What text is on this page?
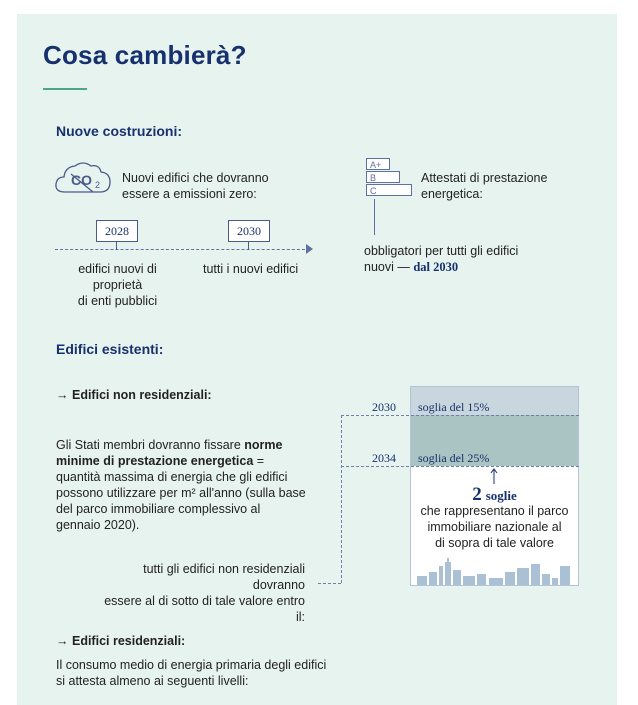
Cosa cambierà?
Nuove costruzioni:
CO 2 Nuovi edifici che dovranno
essere a emissioni zero:
2028	2030
edifici nuovi di proprietà
di enti pubblici
tutti i nuovi edifici
A+
B
C
Attestati di prestazione
energetica:
obbligatori per tutti gli edifici
nuovi — dal 2030
Edifici esistenti:
→ Edifici non residenziali:
Gli Stati membri dovranno fissare norme minime di prestazione energetica = quantità massima di energia che gli edifici possono utilizzare per m² all'anno (sulla base del parco immobiliare complessivo al gennaio 2020).
tutti gli edifici non residenziali dovranno
essere al di sotto di tale valore entro il:
2030 soglia del 15%
2034 soglia del 25%
2 soglie
che rappresentano il parco
immobiliare nazionale al
di sopra di tale valore
→ Edifici residenziali:
Il consumo medio di energia primaria degli edifici
si attesta almeno ai seguenti livelli:
